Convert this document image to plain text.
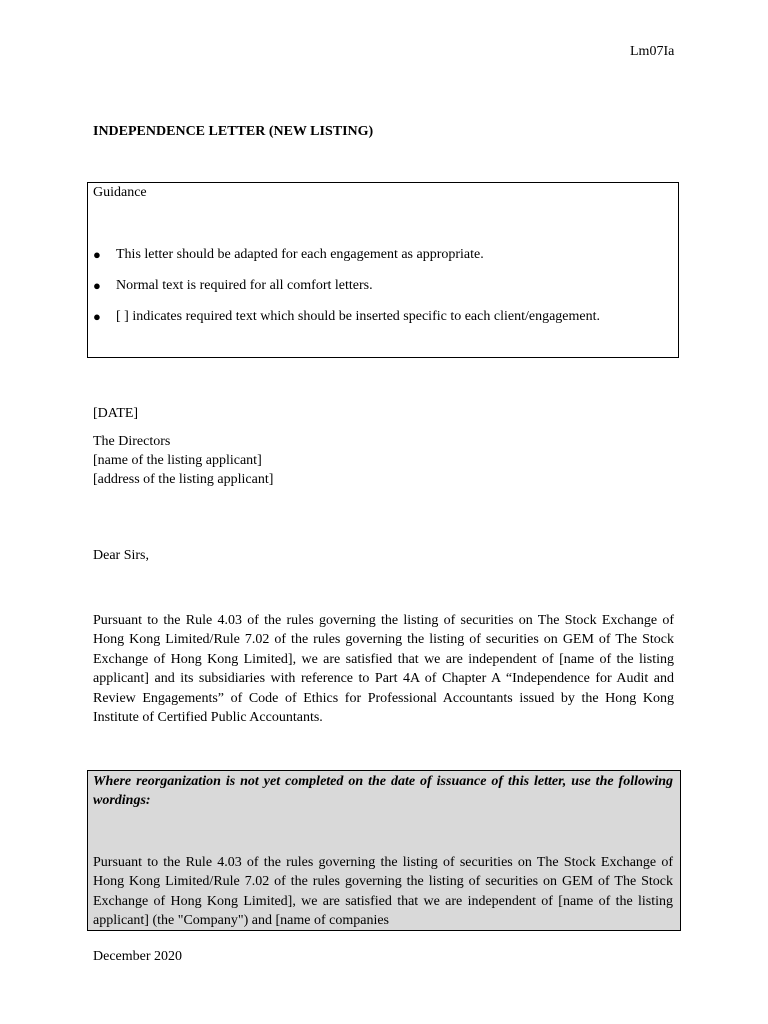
Lm07Ia
INDEPENDENCE LETTER (NEW LISTING)
Guidance
● This letter should be adapted for each engagement as appropriate.
● Normal text is required for all comfort letters.
● [ ] indicates required text which should be inserted specific to each client/engagement.
[DATE]
The Directors
[name of the listing applicant]
[address of the listing applicant]
Dear Sirs,
Pursuant to the Rule 4.03 of the rules governing the listing of securities on The Stock Exchange of Hong Kong Limited/Rule 7.02 of the rules governing the listing of securities on GEM of The Stock Exchange of Hong Kong Limited], we are satisfied that we are independent of [name of the listing applicant] and its subsidiaries with reference to Part 4A of Chapter A “Independence for Audit and Review Engagements” of Code of Ethics for Professional Accountants issued by the Hong Kong Institute of Certified Public Accountants.
Where reorganization is not yet completed on the date of issuance of this letter, use the following wordings:
Pursuant to the Rule 4.03 of the rules governing the listing of securities on The Stock Exchange of Hong Kong Limited/Rule 7.02 of the rules governing the listing of securities on GEM of The Stock Exchange of Hong Kong Limited], we are satisfied that we are independent of [name of the listing applicant] (the "Company") and [name of companies
December 2020
